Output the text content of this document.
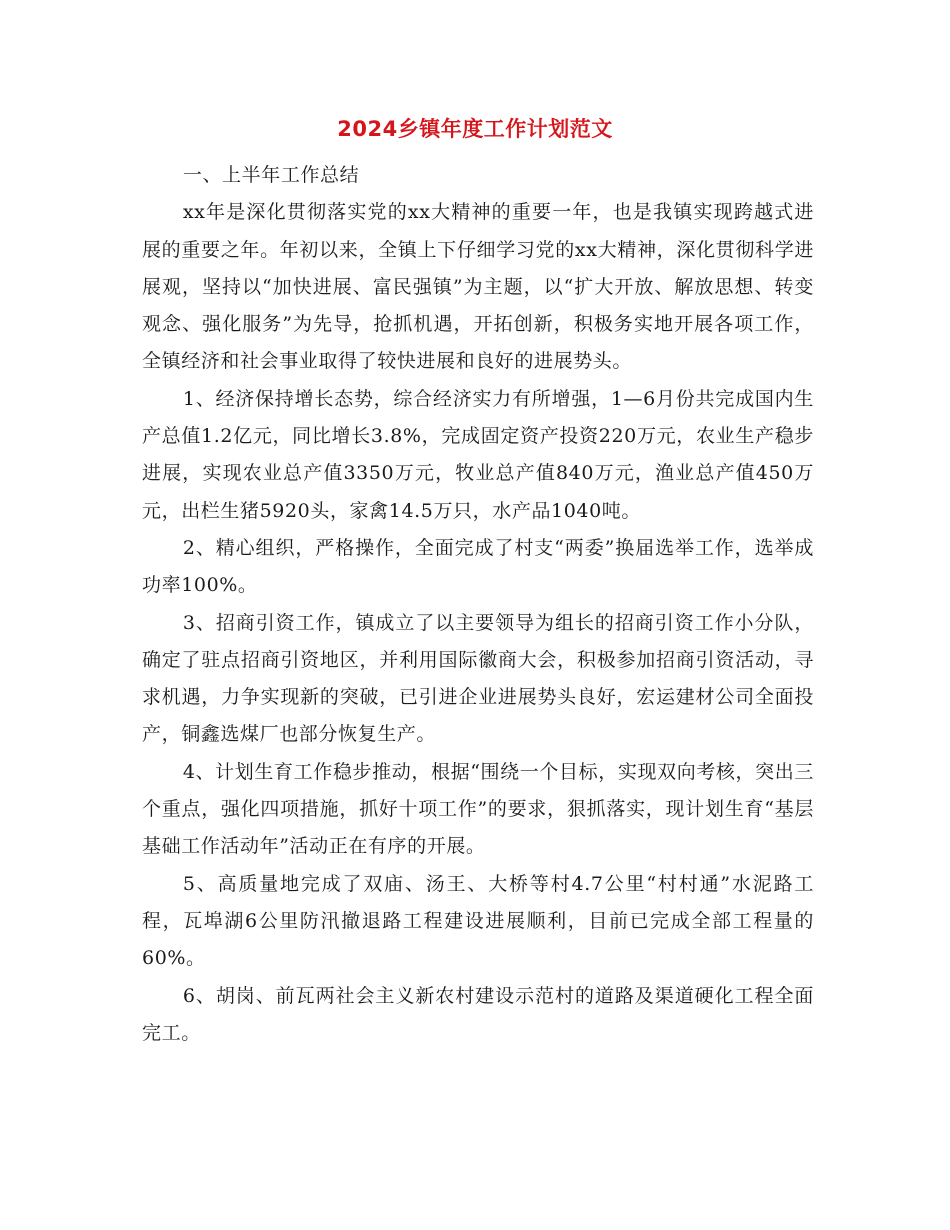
2024乡镇年度工作计划范文

一、上半年工作总结

xx年是深化贯彻落实党的xx大精神的重要一年，也是我镇实现跨越式进展的重要之年。年初以来，全镇上下仔细学习党的xx大精神，深化贯彻科学进展观，坚持以“加快进展、富民强镇”为主题，以“扩大开放、解放思想、转变观念、强化服务”为先导，抢抓机遇，开拓创新，积极务实地开展各项工作，全镇经济和社会事业取得了较快进展和良好的进展势头。

1、经济保持增长态势，综合经济实力有所增强，1—6月份共完成国内生产总值1.2亿元，同比增长3.8%，完成固定资产投资220万元，农业生产稳步进展，实现农业总产值3350万元，牧业总产值840万元，渔业总产值450万元，出栏生猪5920头，家禽14.5万只，水产品1040吨。

2、精心组织，严格操作，全面完成了村支“两委”换届选举工作，选举成功率100%。

3、招商引资工作，镇成立了以主要领导为组长的招商引资工作小分队，确定了驻点招商引资地区，并利用国际徽商大会，积极参加招商引资活动，寻求机遇，力争实现新的突破，已引进企业进展势头良好，宏运建材公司全面投产，铜鑫选煤厂也部分恢复生产。

4、计划生育工作稳步推动，根据“围绕一个目标，实现双向考核，突出三个重点，强化四项措施，抓好十项工作”的要求，狠抓落实，现计划生育“基层基础工作活动年”活动正在有序的开展。

5、高质量地完成了双庙、汤王、大桥等村4.7公里“村村通”水泥路工程，瓦埠湖6公里防汛撤退路工程建设进展顺利，目前已完成全部工程量的60%。

6、胡岗、前瓦两社会主义新农村建设示范村的道路及渠道硬化工程全面完工。
